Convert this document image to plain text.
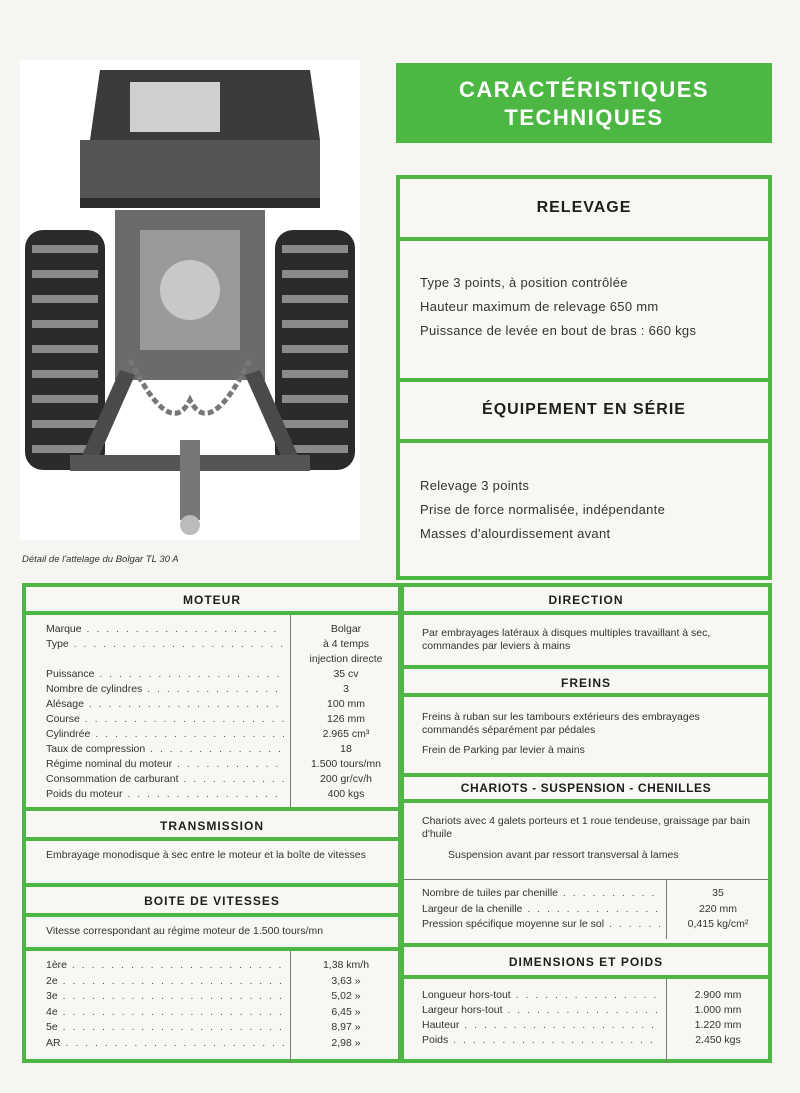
Détail de l'attelage du Bolgar TL 30 A
CARACTÉRISTIQUES
TECHNIQUES
RELEVAGE
Type 3 points, à position contrôlée
Hauteur maximum de relevage 650 mm
Puissance de levée en bout de bras : 660 kgs
ÉQUIPEMENT EN SÉRIE
Relevage 3 points
Prise de force normalisée, indépendante
Masses d'alourdissement avant
MOTEUR
Marque . . .	Bolgar
Type . . .	à 4 temps
injection directe
Puissance . . .	35 cv
Nombre de cylindres . . .	3
Alésage . . .	100 mm
Course . . .	126 mm
Cylindrée . . .	2.965 cm³
Taux de compression . . .	18
Régime nominal du moteur . . .	1.500 tours/mn
Consommation de carburant . . .	200 gr/cv/h
Poids du moteur . . .	400 kgs
TRANSMISSION
Embrayage monodisque à sec entre le moteur et la boîte de vitesses
BOITE DE VITESSES
Vitesse correspondant au régime moteur de 1.500 tours/mn
1ère . . .	1,38 km/h
2e . . .	3,63 »
3e . . .	5,02 »
4e . . .	6,45 »
5e . . .	8,97 »
AR . . .	2,98 »
DIRECTION
Par embrayages latéraux à disques multiples travaillant à sec, commandes par leviers à mains
FREINS
Freins à ruban sur les tambours extérieurs des embrayages commandés séparément par pédales
Frein de Parking par levier à mains
CHARIOTS - SUSPENSION - CHENILLES
Chariots avec 4 galets porteurs et 1 roue tendeuse, graissage par bain d'huile
Suspension avant par ressort transversal à lames
Nombre de tuiles par chenille . . .	35
Largeur de la chenille . . .	220 mm
Pression spécifique moyenne sur le sol . . .	0,415 kg/cm²
DIMENSIONS ET POIDS
Longueur hors-tout . . .	2.900 mm
Largeur hors-tout . . .	1.000 mm
Hauteur . . .	1.220 mm
Poids . . .	2.450 kgs
